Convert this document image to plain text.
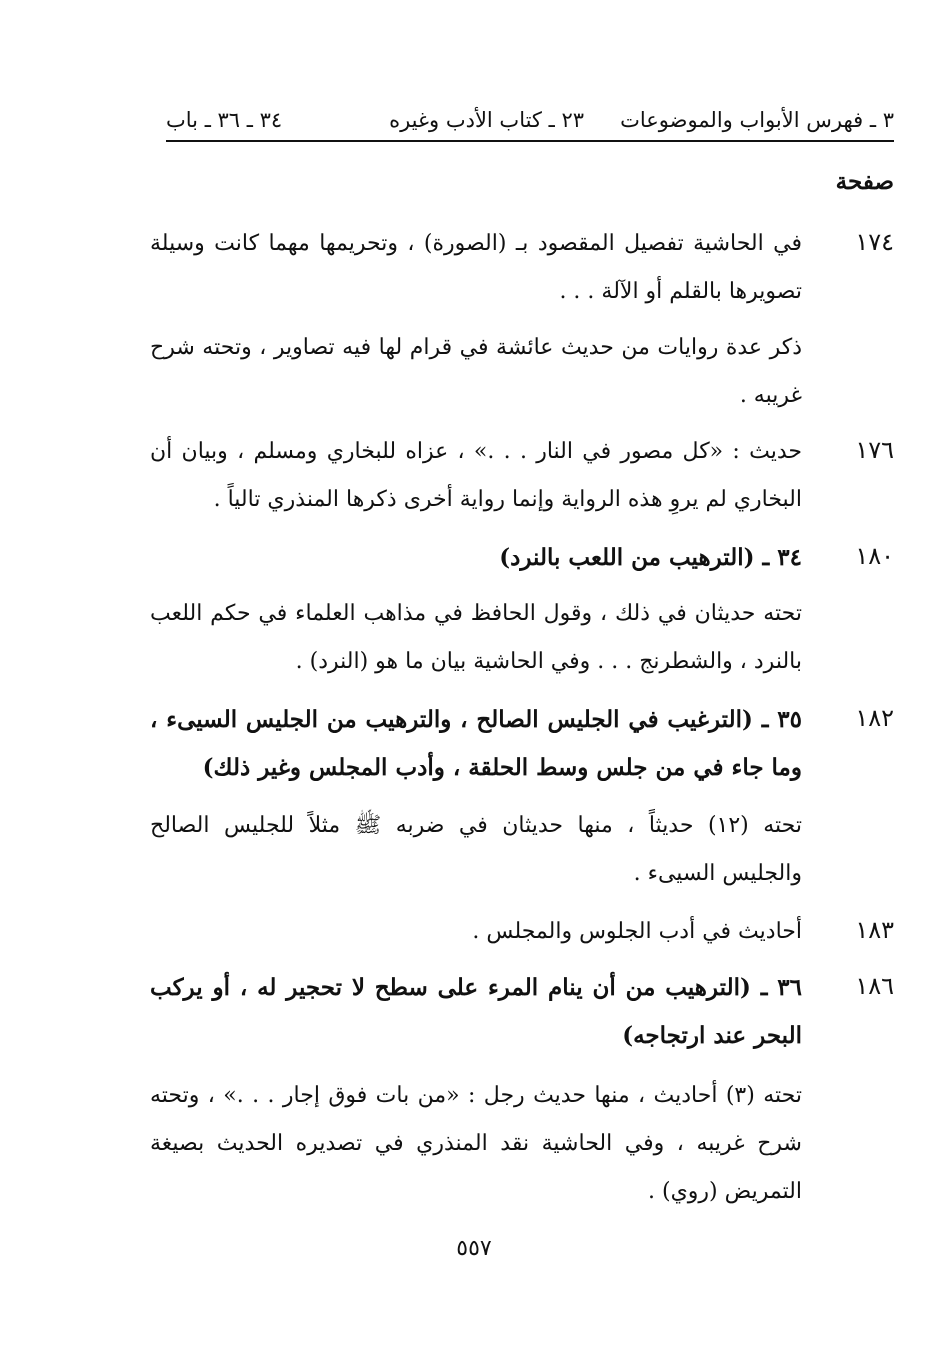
٣ ـ فهرس الأبواب والموضوعات
٢٣ ـ كتاب الأدب وغيره
٣٤ ـ ٣٦ ـ باب
صفحة
١٧٤
في الحاشية تفصيل المقصود بـ (الصورة) ، وتحريمها مهما كانت وسيلة تصويرها بالقلم أو الآلة . . .
ذكر عدة روايات من حديث عائشة في قرام لها فيه تصاوير ، وتحته شرح غريبه .
١٧٦
حديث : «كل مصور في النار . . .» ، عزاه للبخاري ومسلم ، وبيان أن البخاري لم يروِ هذه الرواية وإنما رواية أخرى ذكرها المنذري تالياً .
١٨٠
٣٤ ـ (الترهيب من اللعب بالنرد)
تحته حديثان في ذلك ، وقول الحافظ في مذاهب العلماء في حكم اللعب بالنرد ، والشطرنج . . . وفي الحاشية بيان ما هو (النرد) .
١٨٢
٣٥ ـ (الترغيب في الجليس الصالح ، والترهيب من الجليس السيىء ، وما جاء في من جلس وسط الحلقة ، وأدب المجلس وغير ذلك)
تحته (١٢) حديثاً ، منها حديثان في ضربه ﷺ مثلاً للجليس الصالح والجليس السيىء .
١٨٣
أحاديث في أدب الجلوس والمجلس .
١٨٦
٣٦ ـ (الترهيب من أن ينام المرء على سطح لا تحجير له ، أو يركب البحر عند ارتجاجه)
تحته (٣) أحاديث ، منها حديث رجل : «من بات فوق إجار . . .» ، وتحته شرح غريبه ، وفي الحاشية نقد المنذري في تصديره الحديث بصيغة التمريض (روي) .
٥٥٧
